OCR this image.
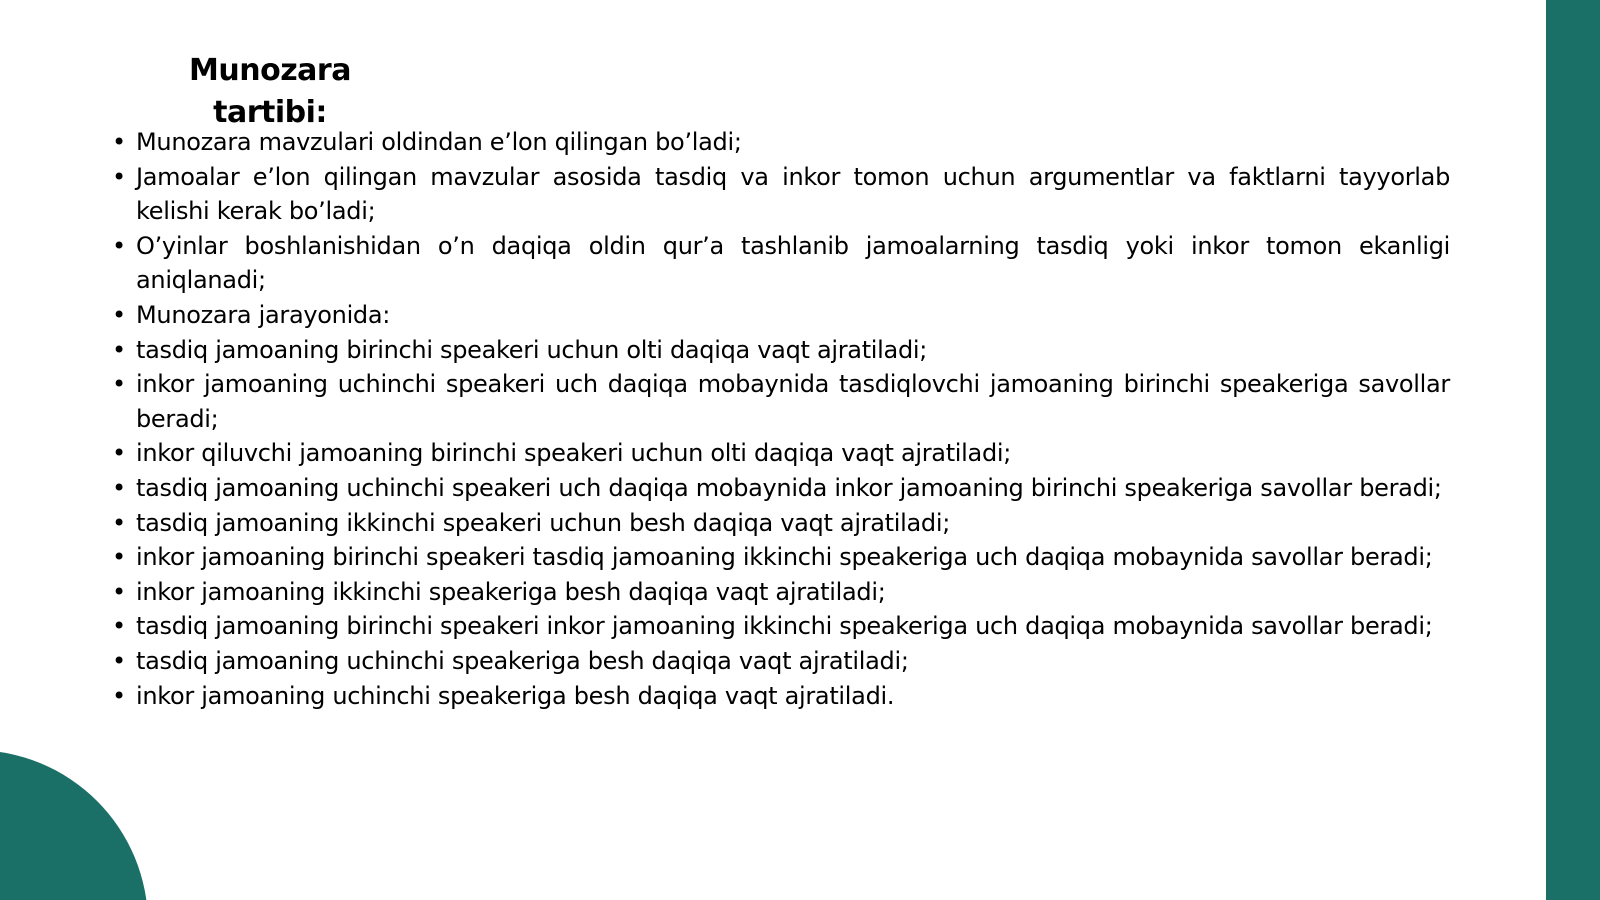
Munozara
tartibi:
• Munozara mavzulari oldindan e’lon qilingan bo’ladi;
• Jamoalar e’lon qilingan mavzular asosida tasdiq va inkor tomon uchun argumentlar va faktlarni tayyorlab kelishi kerak bo’ladi;
• O’yinlar boshlanishidan o’n daqiqa oldin qur’a tashlanib jamoalarning tasdiq yoki inkor tomon ekanligi aniqlanadi;
• Munozara jarayonida:
• tasdiq jamoaning birinchi speakeri uchun olti daqiqa vaqt ajratiladi;
• inkor jamoaning uchinchi speakeri uch daqiqa mobaynida tasdiqlovchi jamoaning birinchi speakeriga savollar beradi;
• inkor qiluvchi jamoaning birinchi speakeri uchun olti daqiqa vaqt ajratiladi;
• tasdiq jamoaning uchinchi speakeri uch daqiqa mobaynida inkor jamoaning birinchi speakeriga savollar beradi;
• tasdiq jamoaning ikkinchi speakeri uchun besh daqiqa vaqt ajratiladi;
• inkor jamoaning birinchi speakeri tasdiq jamoaning ikkinchi speakeriga uch daqiqa mobaynida savollar beradi;
• inkor jamoaning ikkinchi speakeriga besh daqiqa vaqt ajratiladi;
• tasdiq jamoaning birinchi speakeri inkor jamoaning ikkinchi speakeriga uch daqiqa mobaynida savollar beradi;
• tasdiq jamoaning uchinchi speakeriga besh daqiqa vaqt ajratiladi;
• inkor jamoaning uchinchi speakeriga besh daqiqa vaqt ajratiladi.
